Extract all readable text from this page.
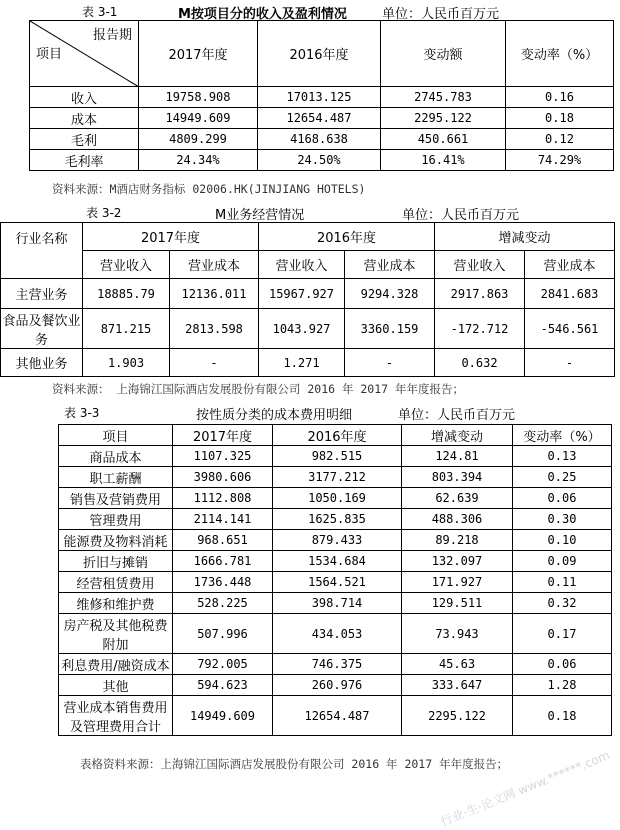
表 3-1	M按项目分的收入及盈利情况	单位：人民币百万元
报告期
项目	2017年度	2016年度	变动额	变动率（%）
收入	19758.908	17013.125	2745.783	0.16
成本	14949.609	12654.487	2295.122	0.18
毛利	4809.299	4168.638	450.661	0.12
毛利率	24.34%	24.50%	16.41%	74.29%
资料来源：M酒店财务指标 02006.HK(JINJIANG HOTELS)
表 3-2	M业务经营情况	单位：人民币百万元
行业名称	2017年度		2016年度		增减变动	
	营业收入	营业成本	营业收入	营业成本	营业收入	营业成本
主营业务	18885.79	12136.011	15967.927	9294.328	2917.863	2841.683
食品及餐饮业务	871.215	2813.598	1043.927	3360.159	-172.712	-546.561
其他业务	1.903	-	1.271	-	0.632	-
资料来源： 上海锦江国际酒店发展股份有限公司 2016 年 2017 年年度报告；
表 3-3	按性质分类的成本费用明细	单位：人民币百万元
项目	2017年度	2016年度	增减变动	变动率（%）
商品成本	1107.325	982.515	124.81	0.13
职工薪酬	3980.606	3177.212	803.394	0.25
销售及营销费用	1112.808	1050.169	62.639	0.06
管理费用	2114.141	1625.835	488.306	0.30
能源费及物料消耗	968.651	879.433	89.218	0.10
折旧与摊销	1666.781	1534.684	132.097	0.09
经营租赁费用	1736.448	1564.521	171.927	0.11
维修和维护费	528.225	398.714	129.511	0.32
房产税及其他税费附加	507.996	434.053	73.943	0.17
利息费用/融资成本	792.005	746.375	45.63	0.06
其他	594.623	260.976	333.647	1.28
营业成本销售费用及管理费用合计	14949.609	12654.487	2295.122	0.18
表格资料来源：上海锦江国际酒店发展股份有限公司 2016 年 2017 年年度报告；
行业·生·论文网 www.******.com
